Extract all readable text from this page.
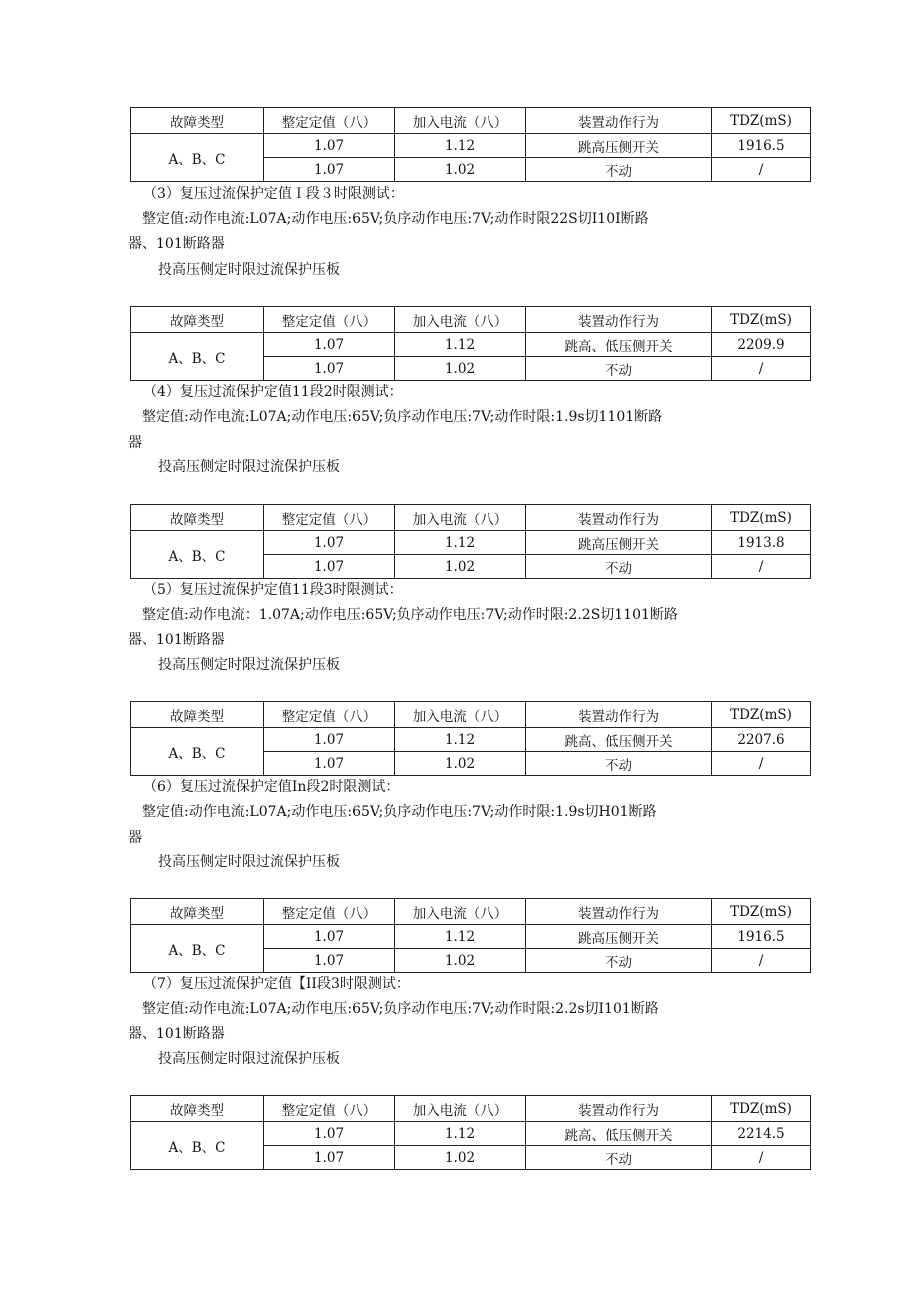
故障类型	整定定值（八）	加入电流（八）	装置动作行为	TDZ(mS)
A、B、C	1.07	1.12	跳高压侧开关	1916.5
	1.07	1.02	不动	/
（3）复压过流保护定值Ｉ段３时限测试：
整定值:动作电流:L07A;动作电压:65V;负序动作电压:7V;动作时限22S切I10I断路
器、101断路器
投高压侧定时限过流保护压板
故障类型	整定定值（八）	加入电流（八）	装置动作行为	TDZ(mS)
A、B、C	1.07	1.12	跳高、低压侧开关	2209.9
	1.07	1.02	不动	/
（4）复压过流保护定值11段2时限测试：
整定值:动作电流:L07A;动作电压:65V;负序动作电压:7V;动作时限:1.9s切1101断路
器
投高压侧定时限过流保护压板
故障类型	整定定值（八）	加入电流（八）	装置动作行为	TDZ(mS)
A、B、C	1.07	1.12	跳高压侧开关	1913.8
	1.07	1.02	不动	/
（5）复压过流保护定值11段3时限测试：
整定值:动作电流：1.07A;动作电压:65V;负序动作电压:7V;动作时限:2.2S切1101断路
器、101断路器
投高压侧定时限过流保护压板
故障类型	整定定值（八）	加入电流（八）	装置动作行为	TDZ(mS)
A、B、C	1.07	1.12	跳高、低压侧开关	2207.6
	1.07	1.02	不动	/
（6）复压过流保护定值In段2时限测试：
整定值:动作电流:L07A;动作电压:65V;负序动作电压:7V;动作时限:1.9s切H01断路
器
投高压侧定时限过流保护压板
故障类型	整定定值（八）	加入电流（八）	装置动作行为	TDZ(mS)
A、B、C	1.07	1.12	跳高压侧开关	1916.5
	1.07	1.02	不动	/
（7）复压过流保护定值【II段3时限测试：
整定值:动作电流:L07A;动作电压:65V;负序动作电压:7V;动作时限:2.2s切I101断路
器、101断路器
投高压侧定时限过流保护压板
故障类型	整定定值（八）	加入电流（八）	装置动作行为	TDZ(mS)
A、B、C	1.07	1.12	跳高、低压侧开关	2214.5
	1.07	1.02	不动	/
